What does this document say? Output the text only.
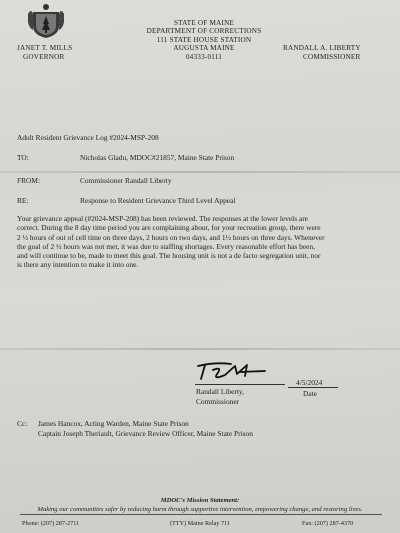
JANET T. MILLS
GOVERNOR
STATE OF MAINE
DEPARTMENT OF CORRECTIONS
111 STATE HOUSE STATION
AUGUSTA MAINE
04333-0111
RANDALL A. LIBERTY
COMMISSIONER
Adult Resident Grievance Log #2024-MSP-208
TO:	Nicholas Gladu, MDOC#21857, Maine State Prison
FROM:	Commissioner Randall Liberty
RE:	Response to Resident Grievance Third Level Appeal
Your grievance appeal (#2024-MSP-208) has been reviewed. The responses at the lower levels are
correct. During the 8 day time period you are complaining about, for your recreation group, there were
2 ½ hours of out of cell time on three days, 2 hours on two days, and 1½ hours on three days. Whenever
the goal of 2 ½ hours was not met, it was due to staffing shortages. Every reasonable effort has been,
and will continue to be, made to meet this goal. The housing unit is not a de facto segregation unit, nor
is there any intention to make it into one.
Randall Liberty,
Commissioner
4/5/2024
Date
Cc: James Hancox, Acting Warden, Maine State Prison
Captain Joseph Theriault, Grievance Review Officer, Maine State Prison
MDOC's Mission Statement:
Making our communities safer by reducing harm through supportive intervention, empowering change, and restoring lives.
Phone: (207) 287-2711	(TTY) Maine Relay 711	Fax: (207) 287-4370
